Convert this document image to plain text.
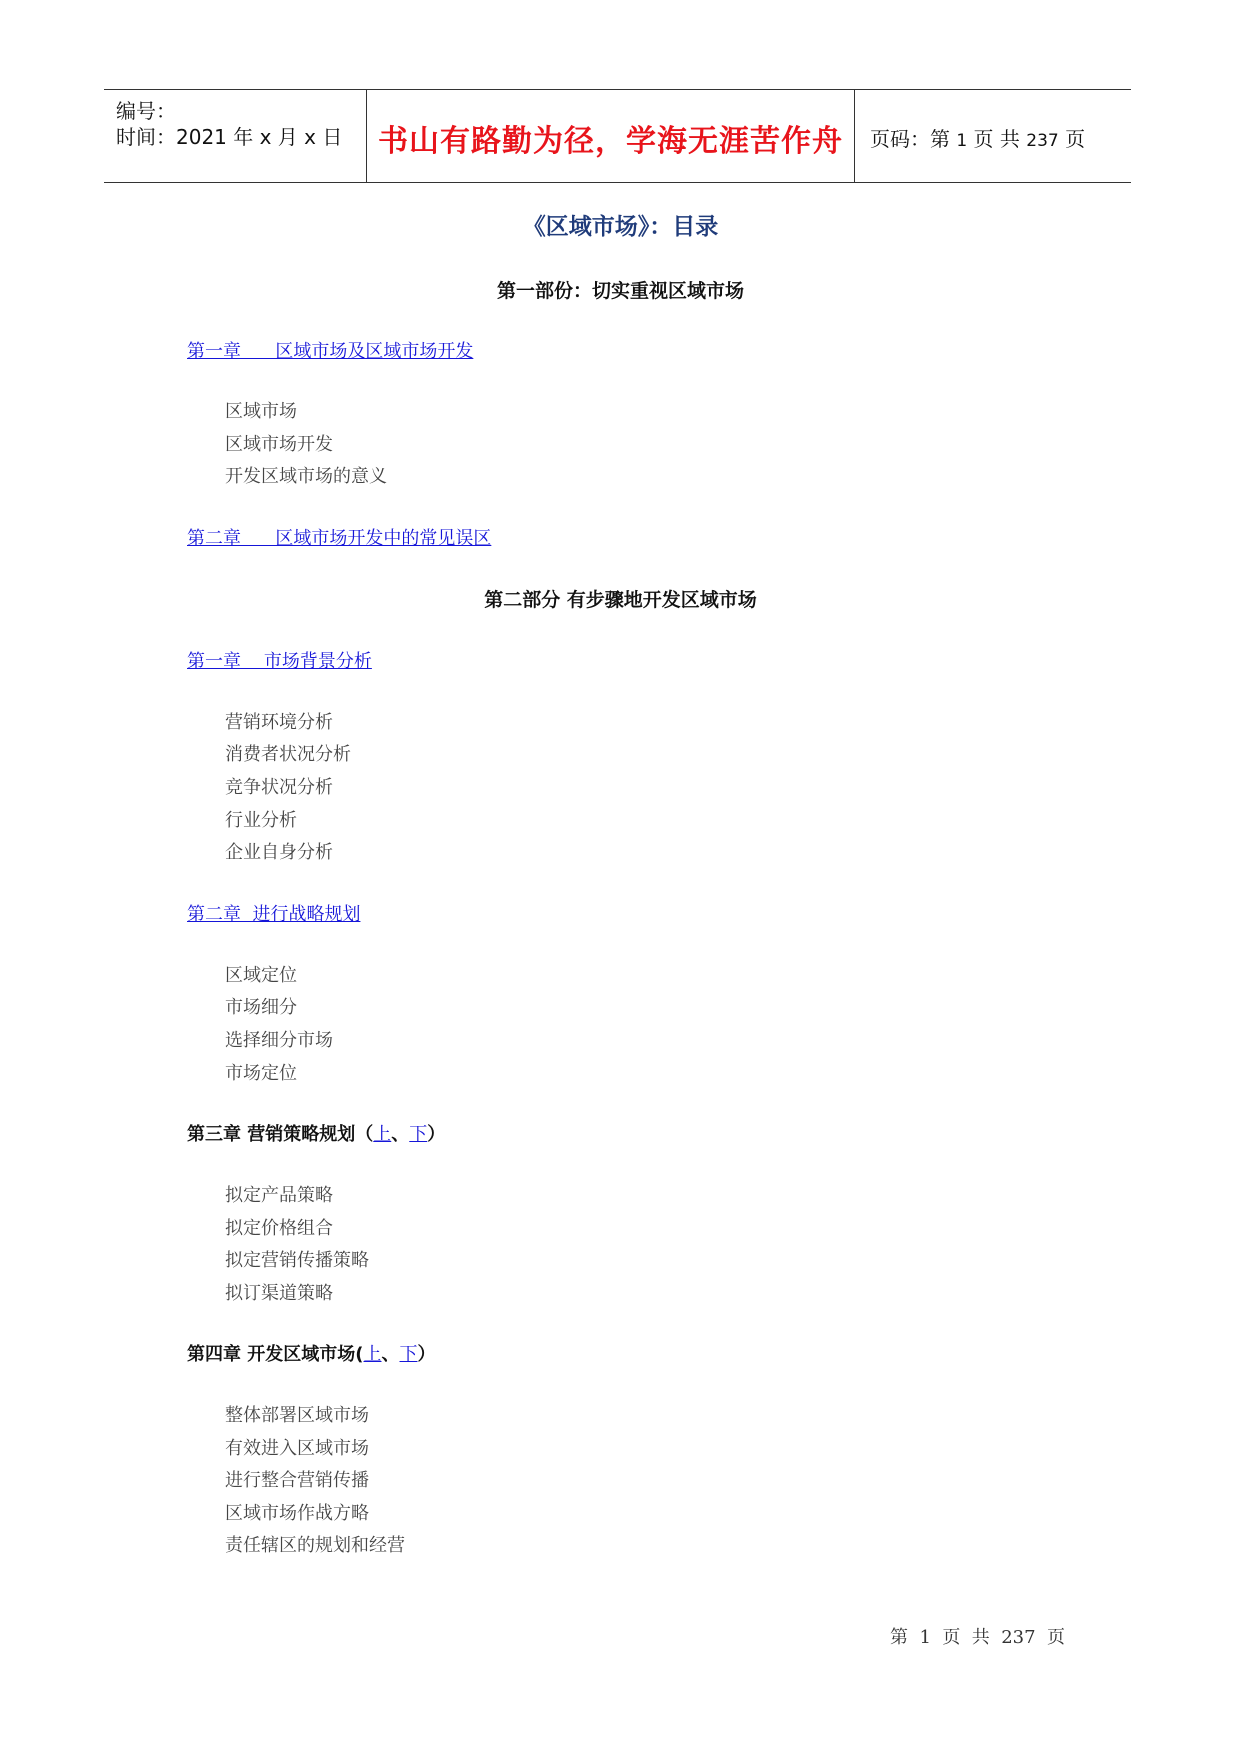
编号：
时间：2021 年 x 月 x 日	书山有路勤为径，学海无涯苦作舟	页码：第 1 页 共 237 页
《区域市场》：目录
第一部份：切实重视区域市场
第一章      区域市场及区域市场开发
区域市场
区域市场开发
开发区域市场的意义
第二章      区域市场开发中的常见误区
第二部分 有步骤地开发区域市场
第一章    市场背景分析
营销环境分析
消费者状况分析
竞争状况分析
行业分析
企业自身分析
第二章  进行战略规划
区域定位
市场细分
选择细分市场
市场定位
第三章 营销策略规划（上、下）
拟定产品策略
拟定价格组合
拟定营销传播策略
拟订渠道策略
第四章 开发区域市场(上、下）
整体部署区域市场
有效进入区域市场
进行整合营销传播
区域市场作战方略
责任辖区的规划和经营
第  1  页  共  237  页
